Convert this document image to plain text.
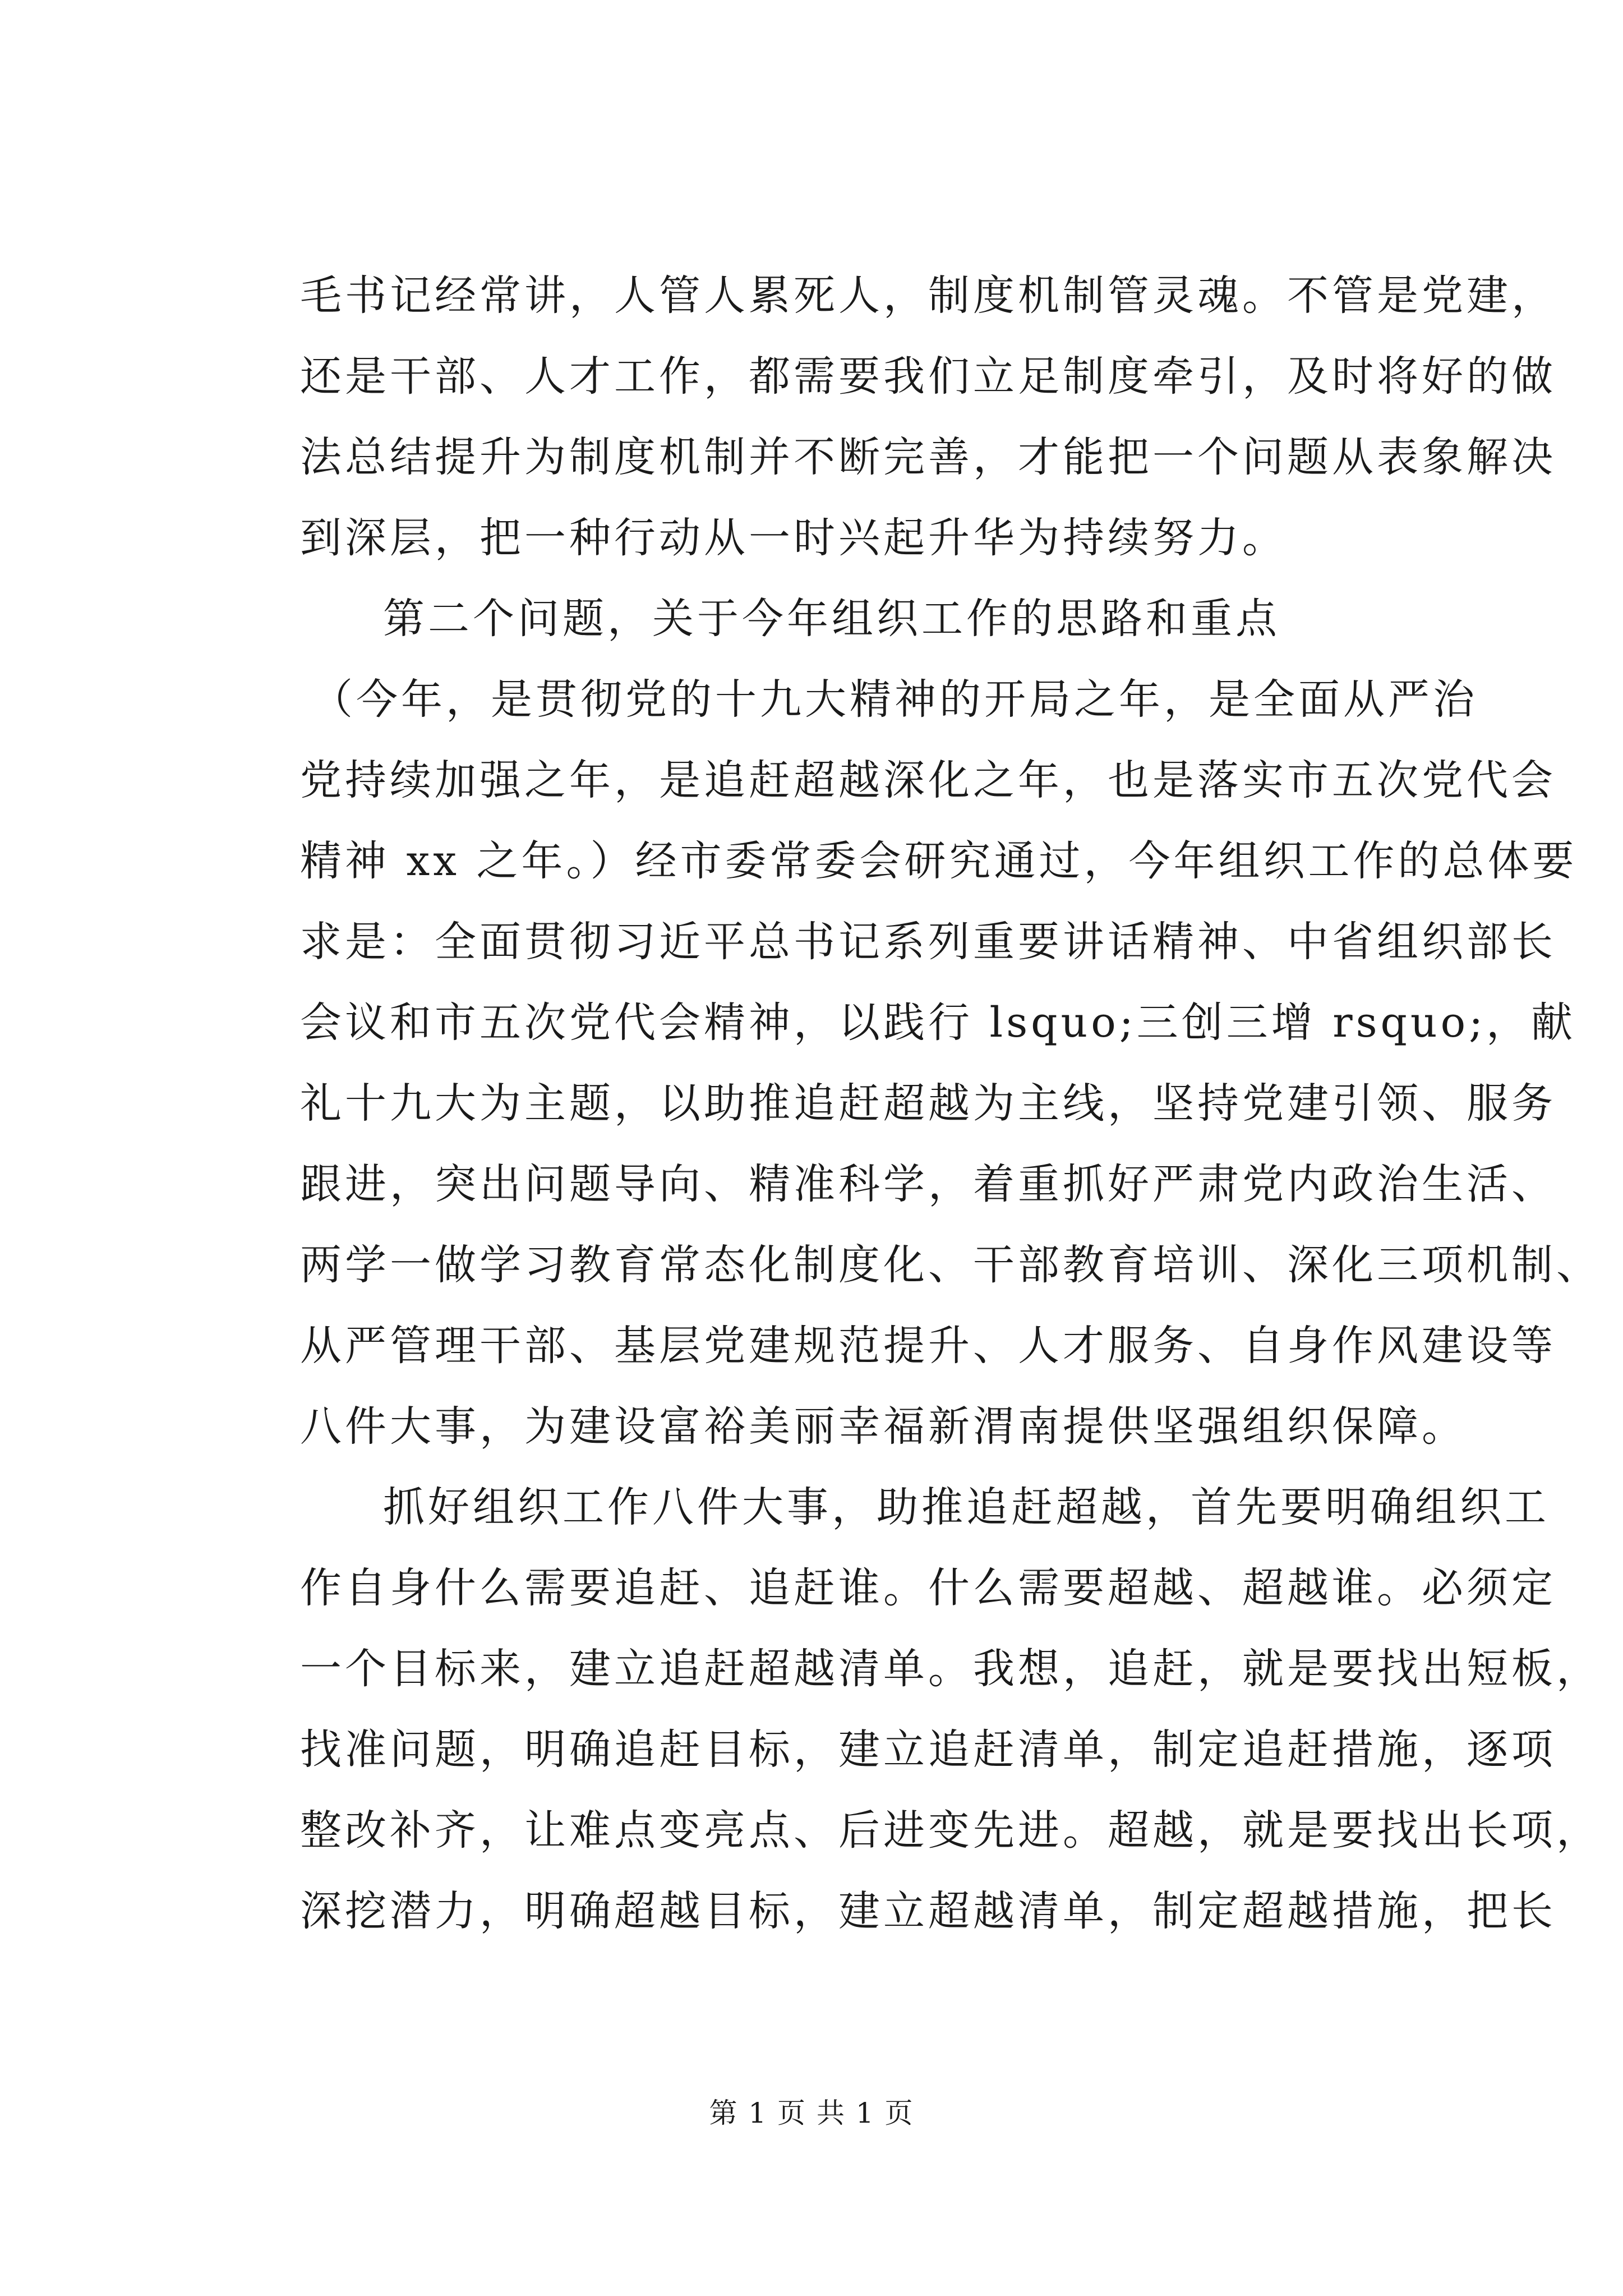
毛书记经常讲，人管人累死人，制度机制管灵魂。不管是党建，
还是干部、人才工作，都需要我们立足制度牵引，及时将好的做
法总结提升为制度机制并不断完善，才能把一个问题从表象解决
到深层，把一种行动从一时兴起升华为持续努力。
第二个问题，关于今年组织工作的思路和重点
（今年，是贯彻党的十九大精神的开局之年，是全面从严治
党持续加强之年，是追赶超越深化之年，也是落实市五次党代会
精神 xx 之年。）经市委常委会研究通过，今年组织工作的总体要
求是：全面贯彻习近平总书记系列重要讲话精神、中省组织部长
会议和市五次党代会精神，以践行 lsquo;三创三增 rsquo;，献
礼十九大为主题，以助推追赶超越为主线，坚持党建引领、服务
跟进，突出问题导向、精准科学，着重抓好严肃党内政治生活、
两学一做学习教育常态化制度化、干部教育培训、深化三项机制、
从严管理干部、基层党建规范提升、人才服务、自身作风建设等
八件大事，为建设富裕美丽幸福新渭南提供坚强组织保障。
抓好组织工作八件大事，助推追赶超越，首先要明确组织工
作自身什么需要追赶、追赶谁。什么需要超越、超越谁。必须定
一个目标来，建立追赶超越清单。我想，追赶，就是要找出短板，
找准问题，明确追赶目标，建立追赶清单，制定追赶措施，逐项
整改补齐，让难点变亮点、后进变先进。超越，就是要找出长项，
深挖潜力，明确超越目标，建立超越清单，制定超越措施，把长
第 1 页 共 1 页
